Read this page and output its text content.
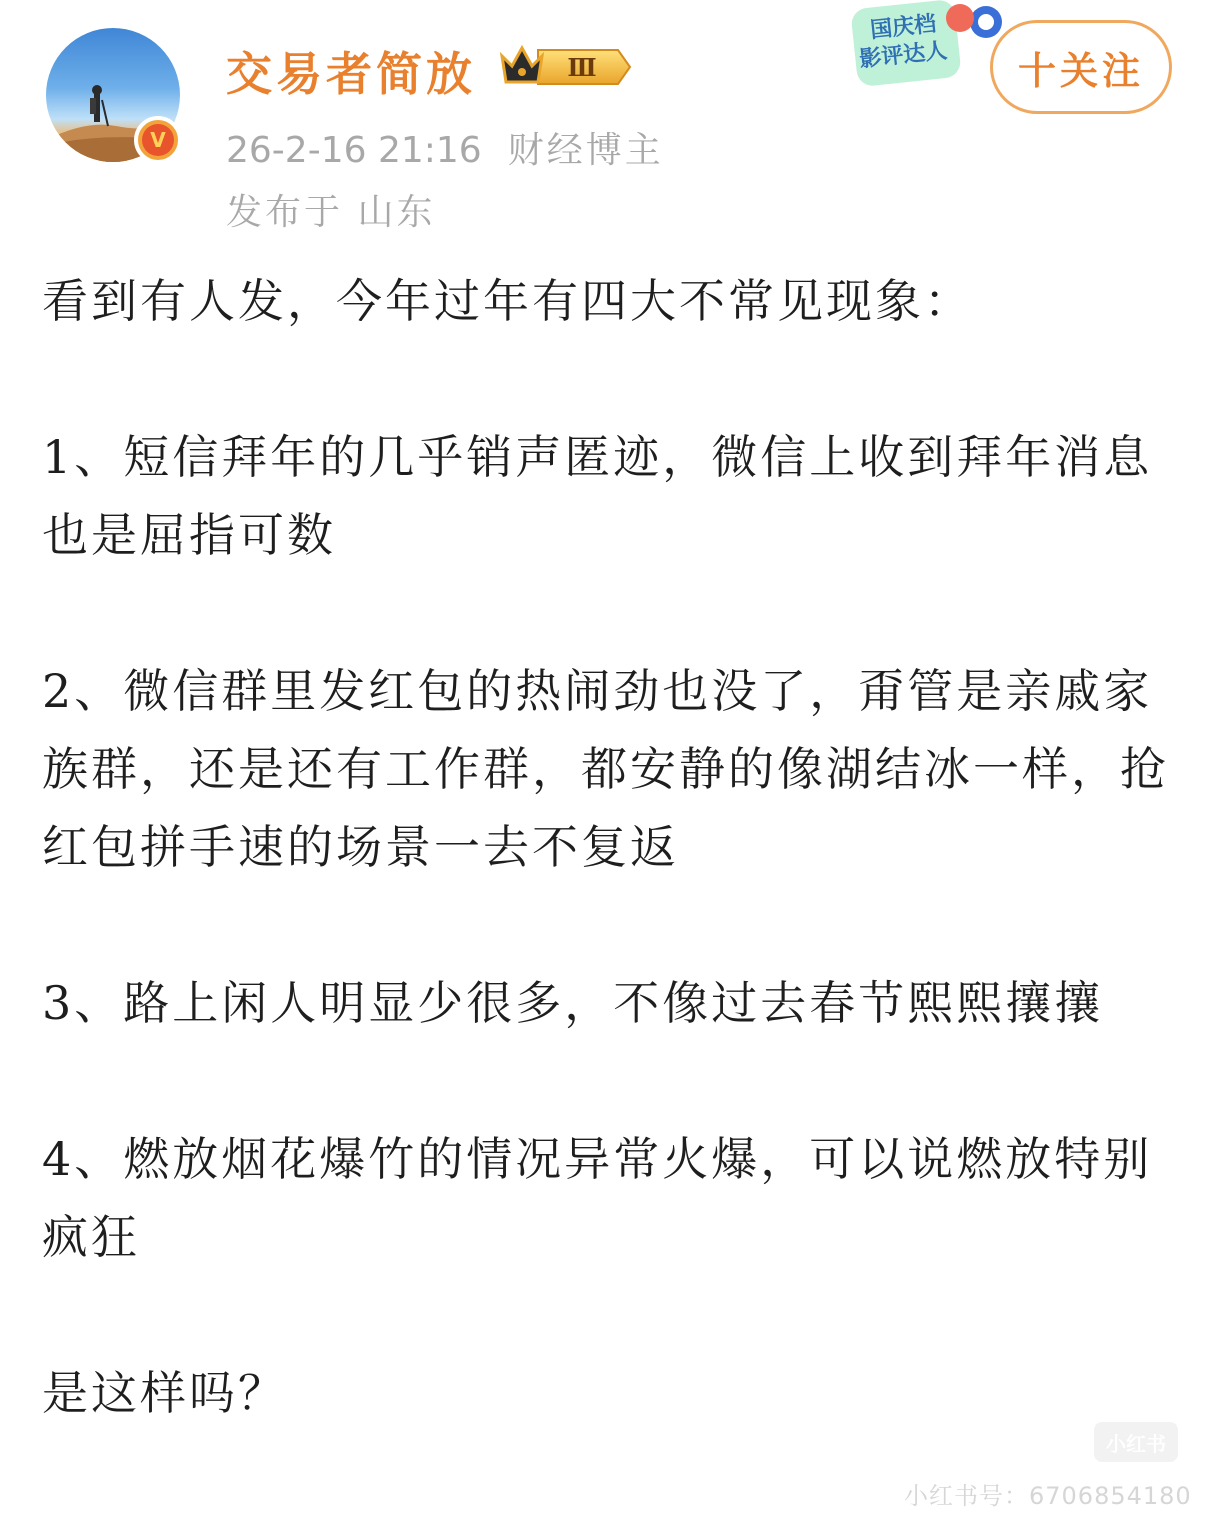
V
交易者简放	Ⅲ
26-2-16 21:16 财经博主
发布于 山东
国庆档
影评达人	十关注

看到有人发，今年过年有四大不常见现象：

1、短信拜年的几乎销声匿迹，微信上收到拜年消息也是屈指可数

2、微信群里发红包的热闹劲也没了，甭管是亲戚家族群，还是还有工作群，都安静的像湖结冰一样，抢红包拼手速的场景一去不复返

3、路上闲人明显少很多，不像过去春节熙熙攘攘

4、燃放烟花爆竹的情况异常火爆，可以说燃放特别疯狂

是这样吗？

小红书
小红书号：6706854180
